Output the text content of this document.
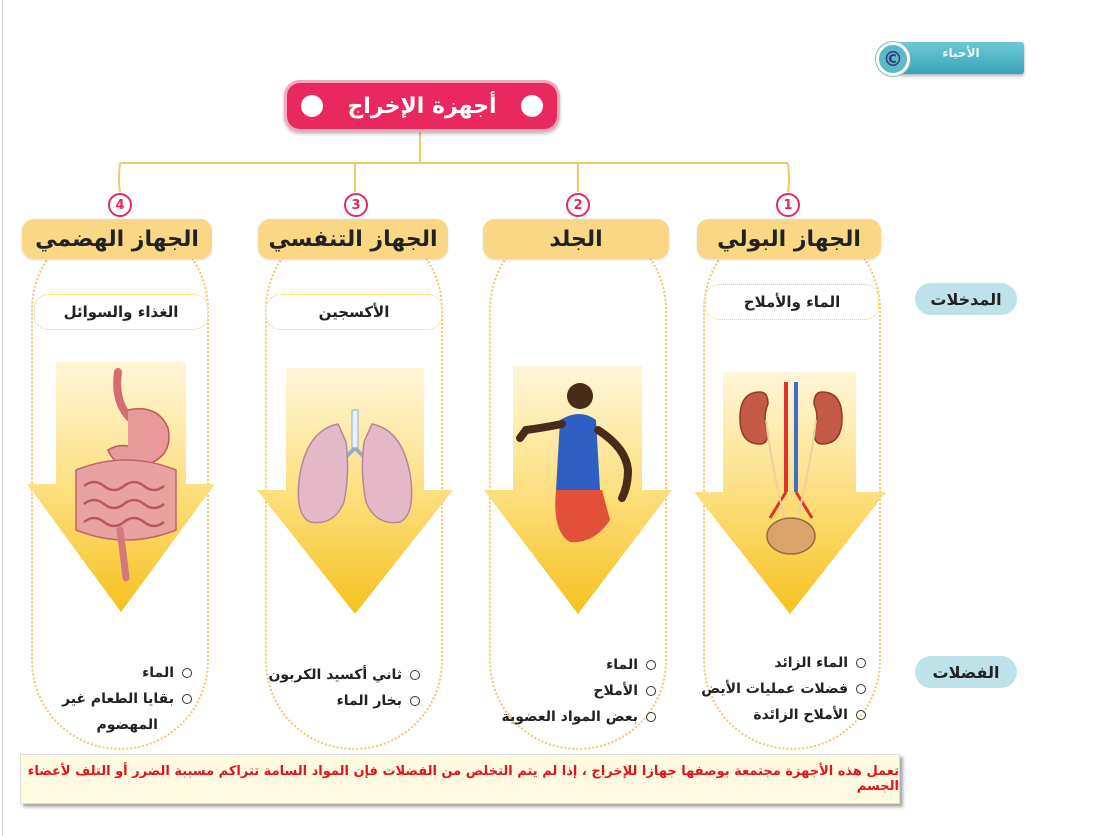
الأحياء
©
أجهزة الإخراج
4	3	2	1
الجهاز الهضمي	الجهاز التنفسي	الجلد	الجهاز البولي
الغذاء والسوائل	الأكسجين
الماء والأملاح	المدخلات
الفضلات
الماء
بقايا الطعام غير
المهضوم
ثاني أكسيد الكربون
بخار الماء
الماء
الأملاح
بعض المواد العضوية
الماء الزائد
فضلات عمليات الأيض
الأملاح الزائدة
تعمل هذه الأجهزة مجتمعة بوصفها جهازا للإخراج ، إذا لم يتم التخلص من الفضلات فإن المواد السامة تتراكم مسببة الضرر أو التلف لأعضاء الجسم
